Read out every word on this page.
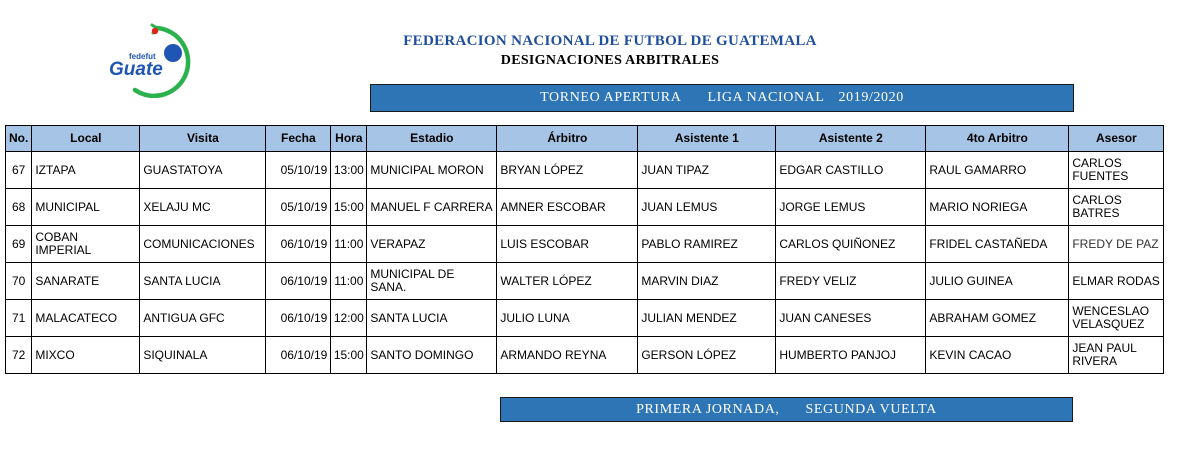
fedefut
Guate
FEDERACION NACIONAL DE FUTBOL DE GUATEMALA
DESIGNACIONES ARBITRALES
TORNEO APERTURA LIGA NACIONAL 2019/2020
No.	Local	Visita	Fecha	Hora	Estadio	Árbitro	Asistente 1	Asistente 2	4to Arbitro	Asesor
67	IZTAPA	GUASTATOYA	05/10/19	13:00	MUNICIPAL MORON	BRYAN LÓPEZ	JUAN TIPAZ	EDGAR CASTILLO	RAUL GAMARRO	CARLOS FUENTES
68	MUNICIPAL	XELAJU MC	05/10/19	15:00	MANUEL F CARRERA	AMNER ESCOBAR	JUAN LEMUS	JORGE LEMUS	MARIO NORIEGA	CARLOS BATRES
69	COBAN IMPERIAL	COMUNICACIONES	06/10/19	11:00	VERAPAZ	LUIS ESCOBAR	PABLO RAMIREZ	CARLOS QUIÑONEZ	FRIDEL CASTAÑEDA	FREDY DE PAZ
70	SANARATE	SANTA LUCIA	06/10/19	11:00	MUNICIPAL DE SANA.	WALTER LÓPEZ	MARVIN DIAZ	FREDY VELIZ	JULIO GUINEA	ELMAR RODAS
71	MALACATECO	ANTIGUA GFC	06/10/19	12:00	SANTA LUCIA	JULIO LUNA	JULIAN MENDEZ	JUAN CANESES	ABRAHAM GOMEZ	WENCESLAO VELASQUEZ
72	MIXCO	SIQUINALA	06/10/19	15:00	SANTO DOMINGO	ARMANDO REYNA	GERSON LÓPEZ	HUMBERTO PANJOJ	KEVIN CACAO	JEAN PAUL RIVERA
PRIMERA JORNADA, SEGUNDA VUELTA
